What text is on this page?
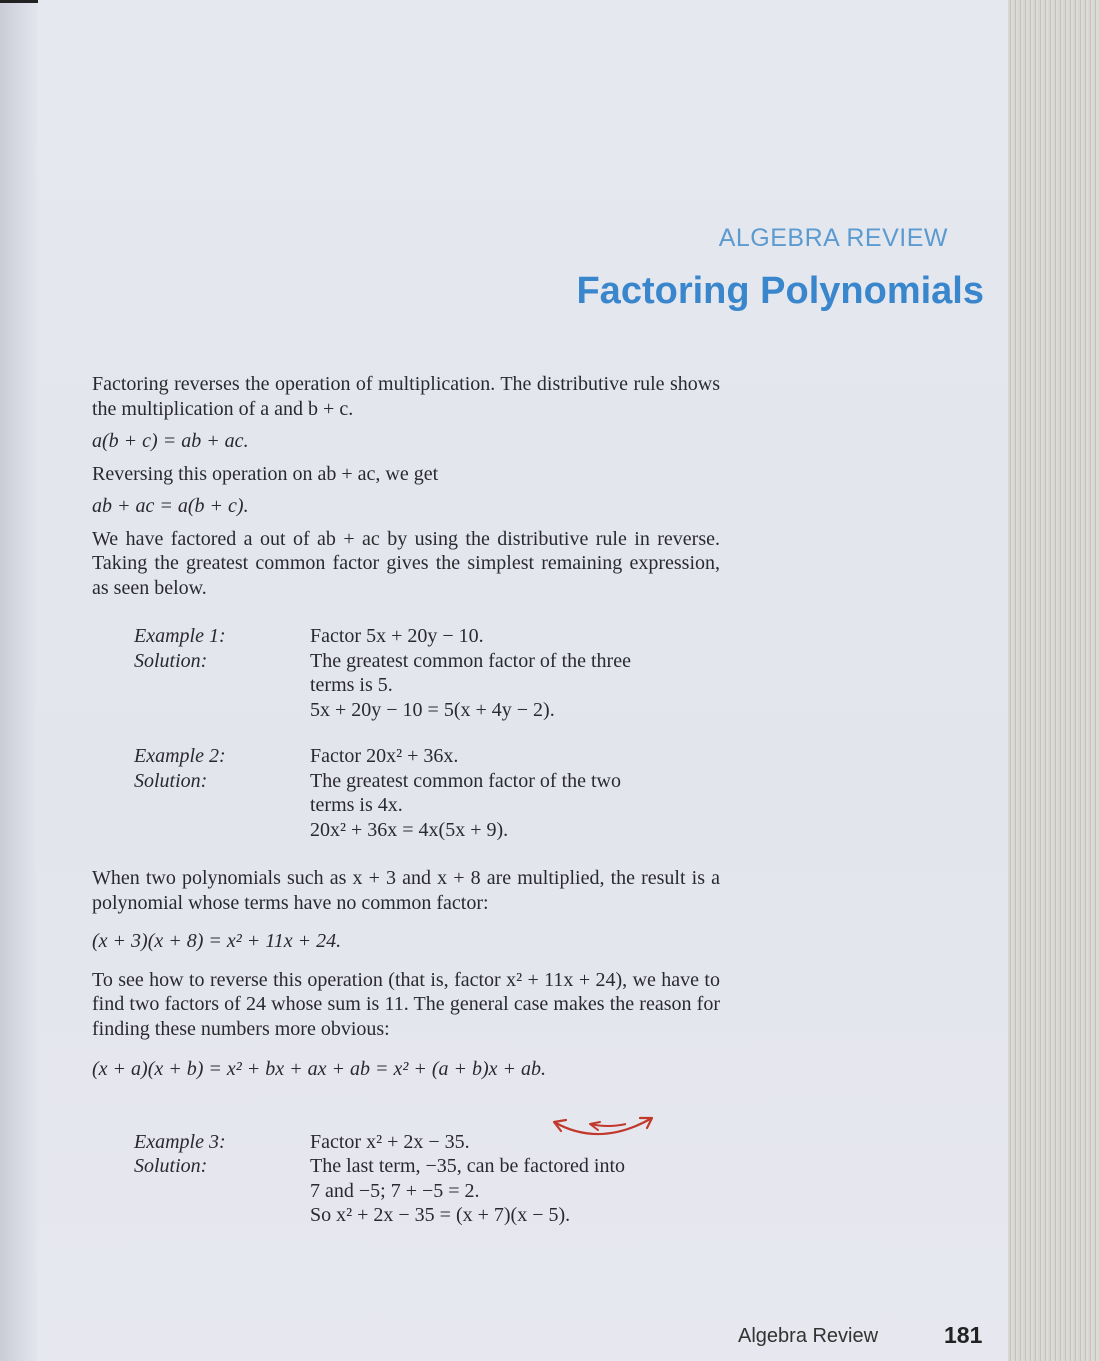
ALGEBRA REVIEW
Factoring Polynomials

Factoring reverses the operation of multiplication. The distributive rule shows the multiplication of a and b + c.

a(b + c) = ab + ac.

Reversing this operation on ab + ac, we get

ab + ac = a(b + c).

We have factored a out of ab + ac by using the distributive rule in reverse. Taking the greatest common factor gives the simplest remaining expression, as seen below.

Example 1:
Solution:
Factor 5x + 20y − 10.
The greatest common factor of the three
terms is 5.
5x + 20y − 10 = 5(x + 4y − 2).
Example 2:
Solution:
Factor 20x² + 36x.
The greatest common factor of the two
terms is 4x.
20x² + 36x = 4x(5x + 9).

When two polynomials such as x + 3 and x + 8 are multiplied, the result is a polynomial whose terms have no common factor:

(x + 3)(x + 8) = x² + 11x + 24.

To see how to reverse this operation (that is, factor x² + 11x + 24), we have to find two factors of 24 whose sum is 11. The general case makes the reason for finding these numbers more obvious:

(x + a)(x + b) = x² + bx + ax + ab = x² + (a + b)x + ab.

Example 3:
Solution:
Factor x² + 2x − 35.
The last term, −35, can be factored into
7 and −5; 7 + −5 = 2.
So x² + 2x − 35 = (x + 7)(x − 5).
Algebra Review	181
